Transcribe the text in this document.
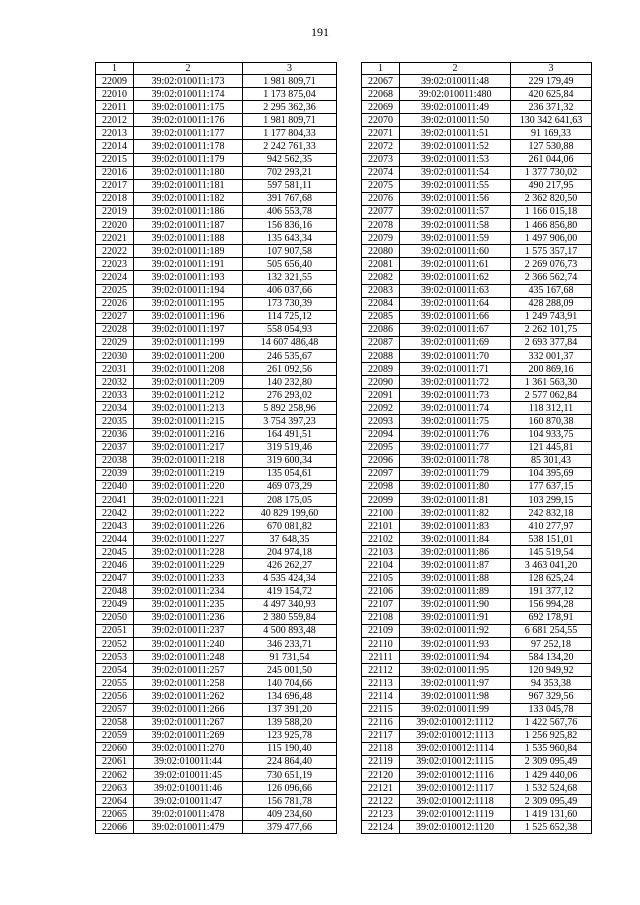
191
1	2	3
22009	39:02:010011:173	1 981 809,71
22010	39:02:010011:174	1 173 875,04
22011	39:02:010011:175	2 295 362,36
22012	39:02:010011:176	1 981 809,71
22013	39:02:010011:177	1 177 804,33
22014	39:02:010011:178	2 242 761,33
22015	39:02:010011:179	942 562,35
22016	39:02:010011:180	702 293,21
22017	39:02:010011:181	597 581,11
22018	39:02:010011:182	391 767,68
22019	39:02:010011:186	406 553,78
22020	39:02:010011:187	156 836,16
22021	39:02:010011:188	135 643,34
22022	39:02:010011:189	107 907,58
22023	39:02:010011:191	505 656,40
22024	39:02:010011:193	132 321,55
22025	39:02:010011:194	406 037,66
22026	39:02:010011:195	173 730,39
22027	39:02:010011:196	114 725,12
22028	39:02:010011:197	558 054,93
22029	39:02:010011:199	14 607 486,48
22030	39:02:010011:200	246 535,67
22031	39:02:010011:208	261 092,56
22032	39:02:010011:209	140 232,80
22033	39:02:010011:212	276 293,02
22034	39:02:010011:213	5 892 258,96
22035	39:02:010011:215	3 754 397,23
22036	39:02:010011:216	164 491,51
22037	39:02:010011:217	319 519,46
22038	39:02:010011:218	319 600,34
22039	39:02:010011:219	135 054,61
22040	39:02:010011:220	469 073,29
22041	39:02:010011:221	208 175,05
22042	39:02:010011:222	40 829 199,60
22043	39:02:010011:226	670 081,82
22044	39:02:010011:227	37 648,35
22045	39:02:010011:228	204 974,18
22046	39:02:010011:229	426 262,27
22047	39:02:010011:233	4 535 424,34
22048	39:02:010011:234	419 154,72
22049	39:02:010011:235	4 497 340,93
22050	39:02:010011:236	2 380 559,84
22051	39:02:010011:237	4 500 893,48
22052	39:02:010011:240	346 233,71
22053	39:02:010011:248	91 731,54
22054	39:02:010011:257	245 001,50
22055	39:02:010011:258	140 704,66
22056	39:02:010011:262	134 696,48
22057	39:02:010011:266	137 391,20
22058	39:02:010011:267	139 588,20
22059	39:02:010011:269	123 925,78
22060	39:02:010011:270	115 190,40
22061	39:02:010011:44	224 864,40
22062	39:02:010011:45	730 651,19
22063	39:02:010011:46	126 096,66
22064	39:02:010011:47	156 781,78
22065	39:02:010011:478	409 234,60
22066	39:02:010011:479	379 477,66
1	2	3
22067	39:02:010011:48	229 179,49
22068	39:02:010011:480	420 625,84
22069	39:02:010011:49	236 371,32
22070	39:02:010011:50	130 342 641,63
22071	39:02:010011:51	91 169,33
22072	39:02:010011:52	127 530,88
22073	39:02:010011:53	261 044,06
22074	39:02:010011:54	1 377 730,02
22075	39:02:010011:55	490 217,95
22076	39:02:010011:56	2 362 820,50
22077	39:02:010011:57	1 166 015,18
22078	39:02:010011:58	1 466 856,80
22079	39:02:010011:59	1 497 906,00
22080	39:02:010011:60	1 575 357,17
22081	39:02:010011:61	2 269 076,73
22082	39:02:010011:62	2 366 562,74
22083	39:02:010011:63	435 167,68
22084	39:02:010011:64	428 288,09
22085	39:02:010011:66	1 249 743,91
22086	39:02:010011:67	2 262 101,75
22087	39:02:010011:69	2 693 377,84
22088	39:02:010011:70	332 001,37
22089	39:02:010011:71	200 869,16
22090	39:02:010011:72	1 361 563,30
22091	39:02:010011:73	2 577 062,84
22092	39:02:010011:74	118 312,11
22093	39:02:010011:75	160 870,38
22094	39:02:010011:76	104 933,75
22095	39:02:010011:77	121 445,81
22096	39:02:010011:78	85 301,43
22097	39:02:010011:79	104 395,69
22098	39:02:010011:80	177 637,15
22099	39:02:010011:81	103 299,15
22100	39:02:010011:82	242 832,18
22101	39:02:010011:83	410 277,97
22102	39:02:010011:84	538 151,01
22103	39:02:010011:86	145 519,54
22104	39:02:010011:87	3 463 041,20
22105	39:02:010011:88	128 625,24
22106	39:02:010011:89	191 377,12
22107	39:02:010011:90	156 994,28
22108	39:02:010011:91	692 178,91
22109	39:02:010011:92	6 681 254,55
22110	39:02:010011:93	97 252,18
22111	39:02:010011:94	584 134,20
22112	39:02:010011:95	120 949,92
22113	39:02:010011:97	94 353,38
22114	39:02:010011:98	967 329,56
22115	39:02:010011:99	133 045,78
22116	39:02:010012:1112	1 422 567,76
22117	39:02:010012:1113	1 256 925,82
22118	39:02:010012:1114	1 535 960,84
22119	39:02:010012:1115	2 309 095,49
22120	39:02:010012:1116	1 429 440,06
22121	39:02:010012:1117	1 532 524,68
22122	39:02:010012:1118	2 309 095,49
22123	39:02:010012:1119	1 419 131,60
22124	39:02:010012:1120	1 525 652,38
